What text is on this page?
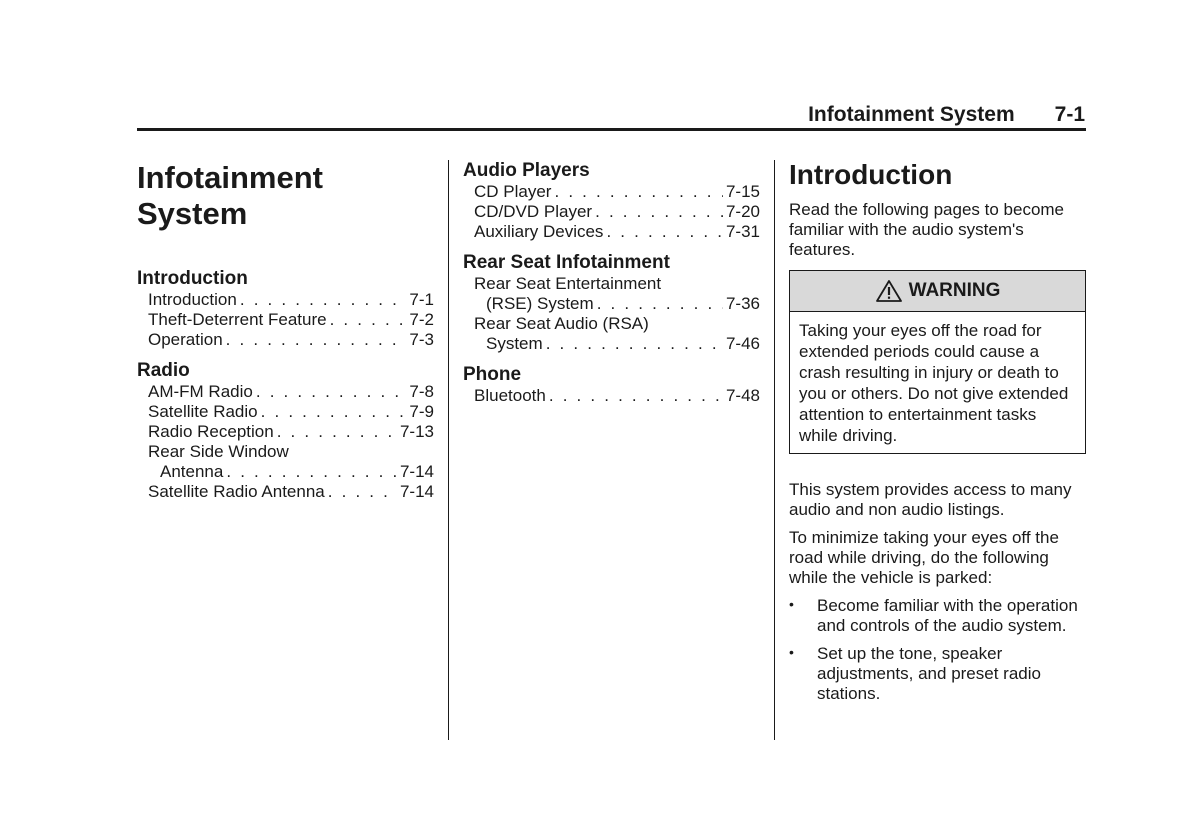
Infotainment System 7-1
Infotainment
System
Introduction
Introduction . . .	7-1
Theft-Deterrent Feature . . .	7-2
Operation . . .	7-3
Radio
AM-FM Radio . . .	7-8
Satellite Radio . . .	7-9
Radio Reception . . .	7-13
Rear Side Window
Antenna . . .	7-14
Satellite Radio Antenna . . .	7-14
Audio Players
CD Player . . .	7-15
CD/DVD Player . . .	7-20
Auxiliary Devices . . .	7-31
Rear Seat Infotainment
Rear Seat Entertainment
(RSE) System . . .	7-36
Rear Seat Audio (RSA)
System . . .	7-46
Phone
Bluetooth . . .	7-48
Introduction

Read the following pages to become familiar with the audio system's features.

WARNING
Taking your eyes off the road for extended periods could cause a crash resulting in injury or death to you or others. Do not give extended attention to entertainment tasks while driving.

This system provides access to many audio and non audio listings.

To minimize taking your eyes off the road while driving, do the following while the vehicle is parked:

•	Become familiar with the operation and controls of the audio system.
•	Set up the tone, speaker adjustments, and preset radio stations.
